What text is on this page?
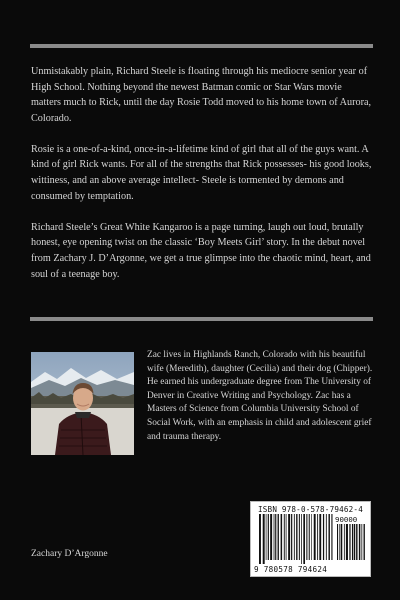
Unmistakably plain, Richard Steele is floating through his mediocre senior year of High School. Nothing beyond the newest Batman comic or Star Wars movie matters much to Rick, until the day Rosie Todd moved to his home town of Aurora, Colorado.

Rosie is a one-of-a-kind, once-in-a-lifetime kind of girl that all of the guys want. A kind of girl Rick wants. For all of the strengths that Rick possesses- his good looks, wittiness, and an above average intellect- Steele is tormented by demons and consumed by temptation.

Richard Steele’s Great White Kangaroo is a page turning, laugh out loud, brutally honest, eye opening twist on the classic ‘Boy Meets Girl’ story. In the debut novel from Zachary J. D’Argonne, we get a true glimpse into the chaotic mind, heart, and soul of a teenage boy.

Zac lives in Highlands Ranch, Colorado with his beautiful wife (Meredith), daughter (Cecilia) and their dog (Chipper). He earned his undergraduate degree from The University of Denver in Creative Writing and Psychology. Zac has a Masters of Science from Columbia University School of Social Work, with an emphasis in child and adolescent grief and trauma therapy.

Zachary D’Argonne
ISBN 978-0-578-79462-4
90000
9 780578 794624
